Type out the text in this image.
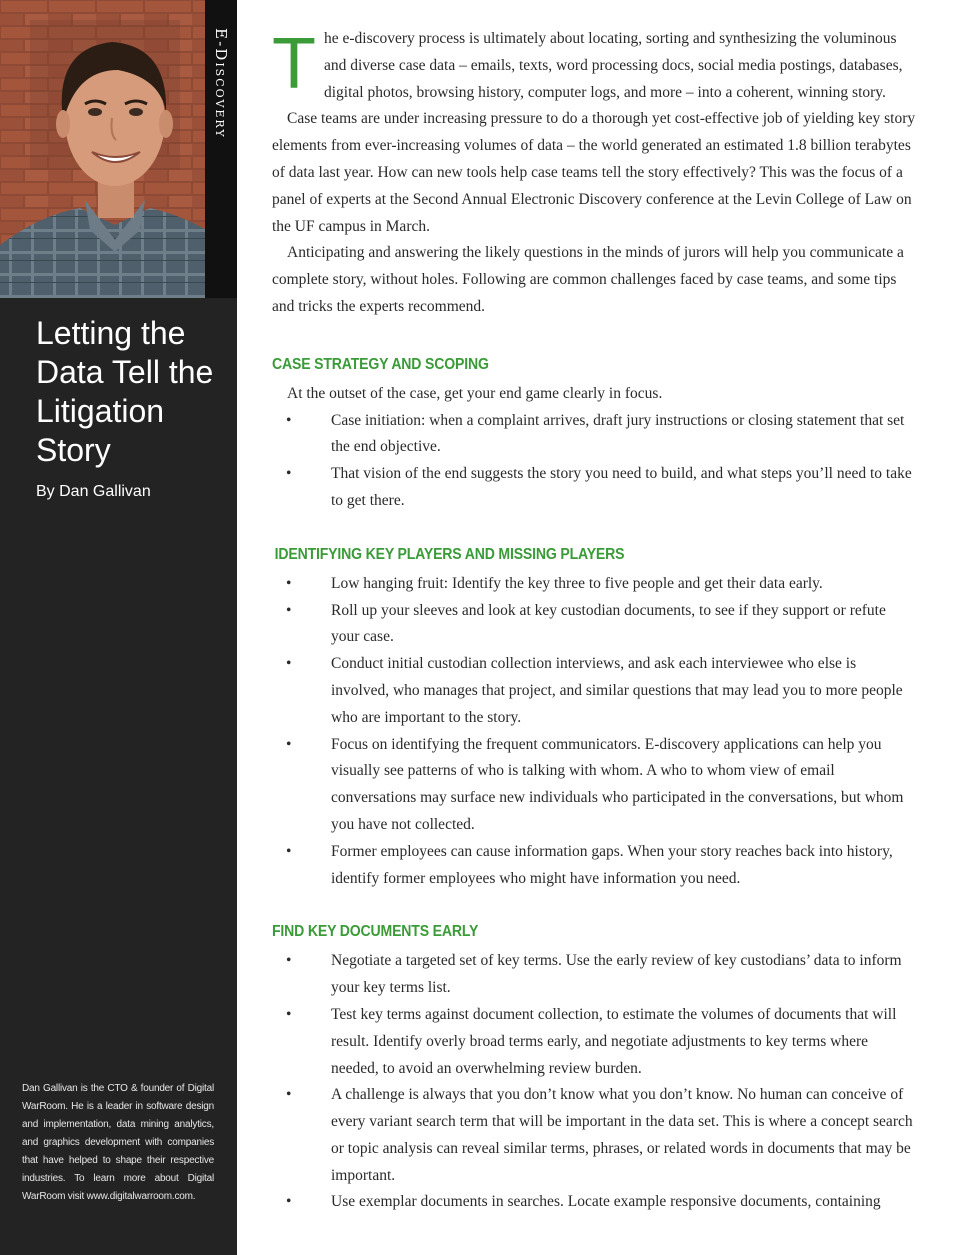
E-Discovery
Letting the Data Tell the Litigation Story

By Dan Gallivan

Dan Gallivan is the CTO & founder of Digital WarRoom. He is a leader in software design and implementation, data mining analytics, and graphics development with companies that have helped to shape their respective industries. To learn more about Digital WarRoom visit www.digitalwarroom.com.

The e-discovery process is ultimately about locating, sorting and synthesizing the voluminous and diverse case data – emails, texts, word processing docs, social media postings, databases, digital photos, browsing history, computer logs, and more – into a coherent, winning story.

Case teams are under increasing pressure to do a thorough yet cost-effective job of yielding key story elements from ever-increasing volumes of data – the world generated an estimated 1.8 billion terabytes of data last year. How can new tools help case teams tell the story effectively? This was the focus of a panel of experts at the Second Annual Electronic Discovery conference at the Levin College of Law on the UF campus in March.

Anticipating and answering the likely questions in the minds of jurors will help you communicate a complete story, without holes. Following are common challenges faced by case teams, and some tips and tricks the experts recommend.

CASE STRATEGY AND SCOPING

At the outset of the case, get your end game clearly in focus.

• Case initiation: when a complaint arrives, draft jury instructions or closing statement that set the end objective.
• That vision of the end suggests the story you need to build, and what steps you’ll need to take to get there.
IDENTIFYING KEY PLAYERS AND MISSING PLAYERS
• Low hanging fruit: Identify the key three to five people and get their data early.
• Roll up your sleeves and look at key custodian documents, to see if they support or refute your case.
• Conduct initial custodian collection interviews, and ask each interviewee who else is involved, who manages that project, and similar questions that may lead you to more people who are important to the story.
• Focus on identifying the frequent communicators. E-discovery applications can help you visually see patterns of who is talking with whom. A who to whom view of email conversations may surface new individuals who participated in the conversations, but whom you have not collected.
• Former employees can cause information gaps. When your story reaches back into history, identify former employees who might have information you need.
FIND KEY DOCUMENTS EARLY
• Negotiate a targeted set of key terms. Use the early review of key custodians’ data to inform your key terms list.
• Test key terms against document collection, to estimate the volumes of documents that will result. Identify overly broad terms early, and negotiate adjustments to key terms where needed, to avoid an overwhelming review burden.
• A challenge is always that you don’t know what you don’t know. No human can conceive of every variant search term that will be important in the data set. This is where a concept search or topic analysis can reveal similar terms, phrases, or related words in documents that may be important.
• Use exemplar documents in searches. Locate example responsive documents, containing
